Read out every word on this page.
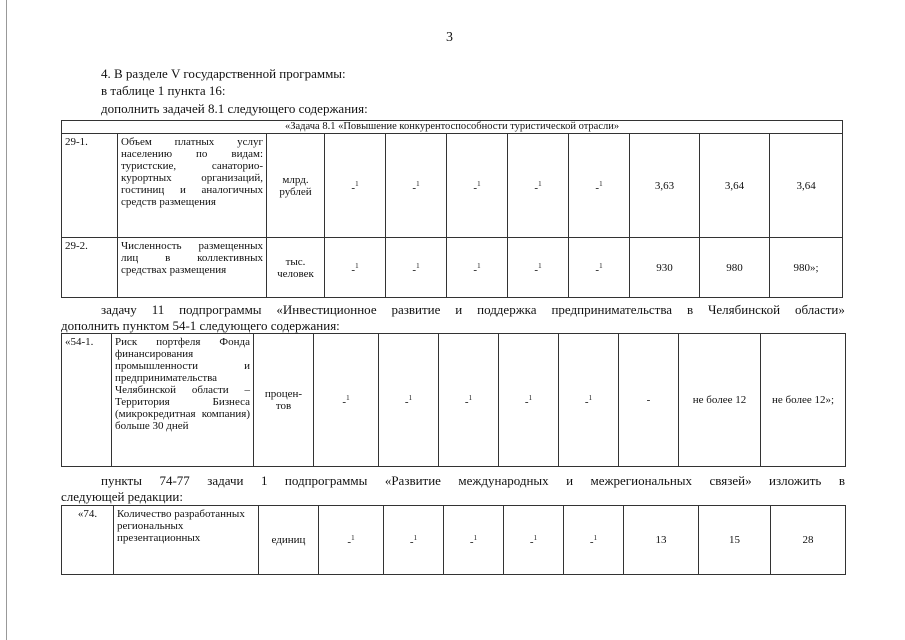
3
4. В разделе V государственной программы:
в таблице 1 пункта 16:
дополнить задачей 8.1 следующего содержания:
«Задача 8.1 «Повышение конкурентоспособности туристической отрасли»										
29-1.	Объем платных услуг населению по видам: туристские, санаторио-курортных организаций, гостиниц и аналогичных средств размещения	млрд. рублей	-$^1$	-$^1$	-$^1$	-$^1$	-$^1$	3,63	3,64	3,64
29-2.	Численность размещенных лиц в коллективных средствах размещения	тыс. человек	-$^1$	-$^1$	-$^1$	-$^1$	-$^1$	930	980	980»;
задачу 11 подпрограммы «Инвестиционное развитие и поддержка предпринимательства в Челябинской области»
дополнить пунктом 54-1 следующего содержания:
«54-1.	Риск портфеля Фонда финансирования промышленности и предпринимательства Челябинской области – Территория Бизнеса (микрокредитная компания) больше 30 дней	процен-тов	-$^1$	-$^1$	-$^1$	-$^1$	-$^1$	-	не более 12	не более 12»;
пункты 74-77 задачи 1 подпрограммы «Развитие международных и межрегиональных связей» изложить в
следующей редакции:
«74.	Количество разработанных региональных презентационных	единиц	-$^1$	-$^1$	-$^1$	-$^1$	-$^1$	13	15	28
